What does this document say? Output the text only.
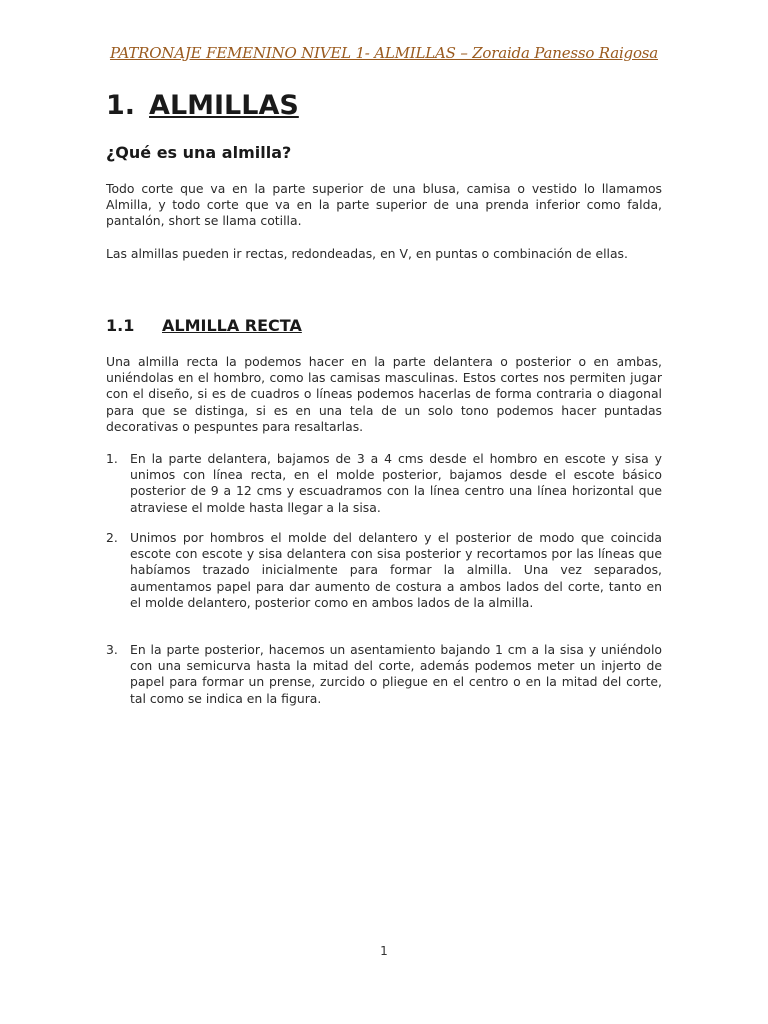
PATRONAJE FEMENINO NIVEL 1- ALMILLAS – Zoraida Panesso Raigosa
1. ALMILLAS
¿Qué es una almilla?
Todo corte que va en la parte superior de una blusa, camisa o vestido lo llamamos Almilla, y todo corte que va en la parte superior de una prenda inferior como falda, pantalón, short se llama cotilla.
Las almillas pueden ir rectas, redondeadas, en V, en puntas o combinación de ellas.
1.1 ALMILLA RECTA
Una almilla recta la podemos hacer en la parte delantera o posterior o en ambas, uniéndolas en el hombro, como las camisas masculinas. Estos cortes nos permiten jugar con el diseño, si es de cuadros o líneas podemos hacerlas de forma contraria o diagonal para que se distinga, si es en una tela de un solo tono podemos hacer puntadas decorativas o pespuntes para resaltarlas.
1. En la parte delantera, bajamos de 3 a 4 cms desde el hombro en escote y sisa y unimos con línea recta, en el molde posterior, bajamos desde el escote básico posterior de 9 a 12 cms y escuadramos con la línea centro una línea horizontal que atraviese el molde hasta llegar a la sisa.
2. Unimos por hombros el molde del delantero y el posterior de modo que coincida escote con escote y sisa delantera con sisa posterior y recortamos por las líneas que habíamos trazado inicialmente para formar la almilla. Una vez separados, aumentamos papel para dar aumento de costura a ambos lados del corte, tanto en el molde delantero, posterior como en ambos lados de la almilla.
3. En la parte posterior, hacemos un asentamiento bajando 1 cm a la sisa y uniéndolo con una semicurva hasta la mitad del corte, además podemos meter un injerto de papel para formar un prense, zurcido o pliegue en el centro o en la mitad del corte, tal como se indica en la figura.
1
